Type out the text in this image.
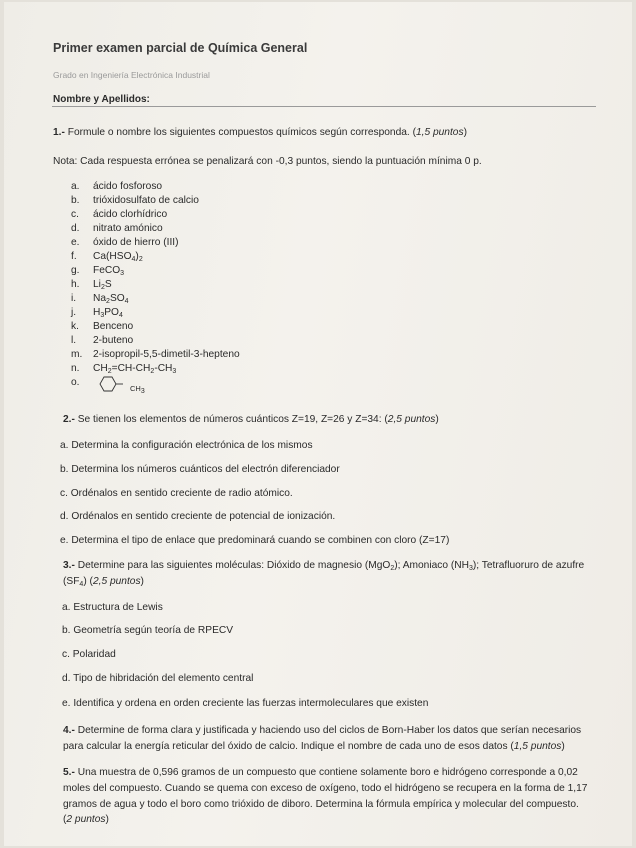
Primer examen parcial de Química General
Grado en Ingeniería Electrónica Industrial
Nombre y Apellidos:
1.- Formule o nombre los siguientes compuestos químicos según corresponda. (1,5 puntos)
Nota: Cada respuesta errónea se penalizará con -0,3 puntos, siendo la puntuación mínima 0 p.
a. ácido fosforoso
b. trióxidosulfato de calcio
c. ácido clorhídrico
d. nitrato amónico
e. óxido de hierro (III)
f. $Ca(HSO_4)_2$
g. FeCO$_3$
h. $Li_2S$
i. $Na_2SO_4$
j. $H_3PO_4$
k. Benceno
l. 2-buteno
m. 2-isopropil-5,5-dimetil-3-hepteno
n. $CH_2=CH-CH_2-CH_3$
o.
$CH_3$
2.- Se tienen los elementos de números cuánticos Z=19, Z=26 y Z=34: (2,5 puntos)
a. Determina la configuración electrónica de los mismos
b. Determina los números cuánticos del electrón diferenciador
c. Ordénalos en sentido creciente de radio atómico.
d. Ordénalos en sentido creciente de potencial de ionización.
e. Determina el tipo de enlace que predominará cuando se combinen con cloro (Z=17)
3.- Determine para las siguientes moléculas: Dióxido de magnesio (MgO$_2$); Amoniaco $(NH_3)$; Tetrafluoruro de azufre
$(SF_4)$ (2,5 puntos)
a. Estructura de Lewis
b. Geometría según teoría de RPECV
c. Polaridad
d. Tipo de hibridación del elemento central
e. Identifica y ordena en orden creciente las fuerzas intermoleculares que existen
4.- Determine de forma clara y justificada y haciendo uso del ciclos de Born-Haber los datos que serían necesarios
para calcular la energía reticular del óxido de calcio. Indique el nombre de cada uno de esos datos (1,5 puntos)
5.- Una muestra de 0,596 gramos de un compuesto que contiene solamente boro e hidrógeno corresponde a 0,02
moles del compuesto. Cuando se quema con exceso de oxígeno, todo el hidrógeno se recupera en la forma de 1,17
gramos de agua y todo el boro como trióxido de diboro. Determina la fórmula empírica y molecular del compuesto.
(2 puntos)
